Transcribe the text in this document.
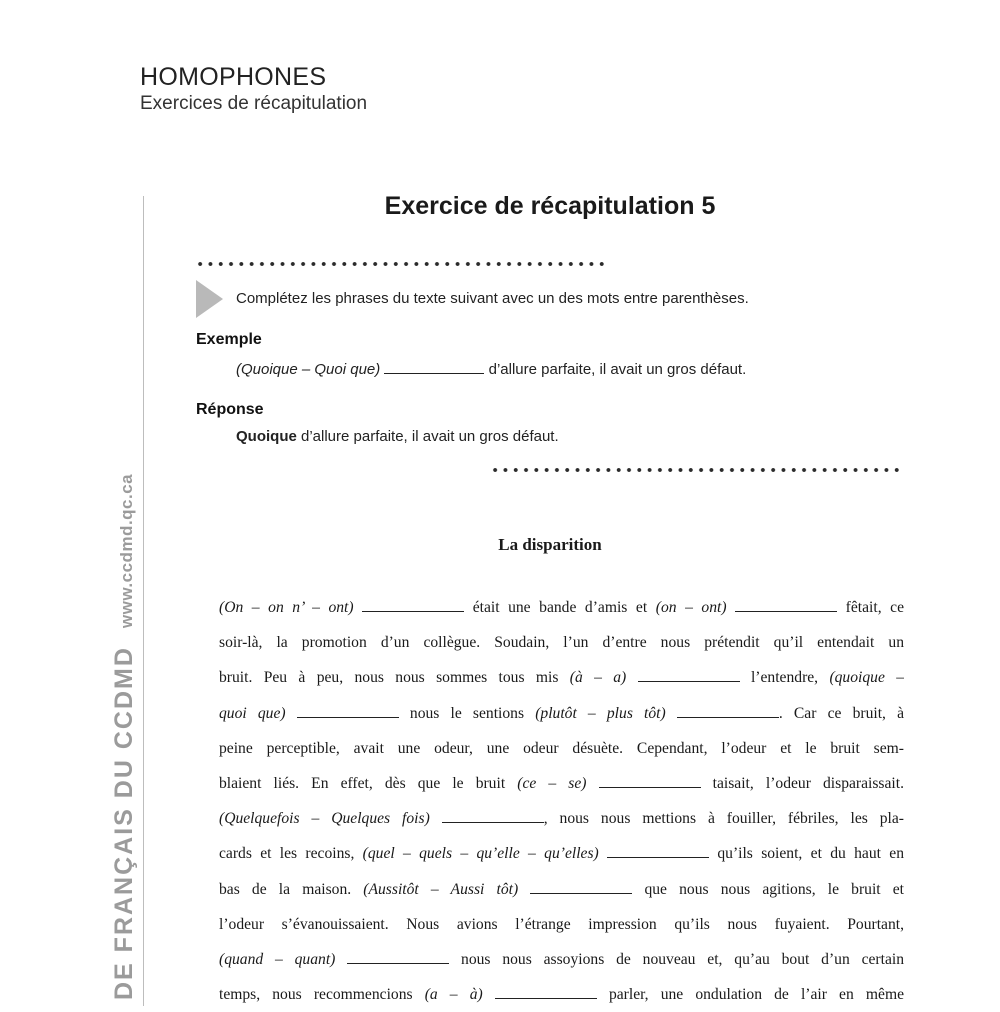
HOMOPHONES
Exercices de récapitulation
DE FRANÇAIS DU CCDMDwww.ccdmd.qc.ca
Exercice de récapitulation 5
Complétez les phrases du texte suivant avec un des mots entre parenthèses.
Exemple
(Quoique – Quoi que)	d’allure parfaite, il avait un gros défaut.
Réponse
Quoique d’allure parfaite, il avait un gros défaut.
La disparition
(On – on n’ – ont)	était une bande d’amis et (on – ont)	fêtait, ce
soir-là, la promotion d’un collègue. Soudain, l’un d’entre nous prétendit qu’il entendait un
bruit. Peu à peu, nous nous sommes tous mis (à – a)	l’entendre, (quoique –
quoi que)	nous le sentions (plutôt – plus tôt)	. Car ce bruit, à
peine perceptible, avait une odeur, une odeur désuète. Cependant, l’odeur et le bruit sem-
blaient liés. En effet, dès que le bruit (ce – se)	taisait, l’odeur disparaissait.
(Quelquefois – Quelques fois)	, nous nous mettions à fouiller, fébriles, les pla-
cards et les recoins, (quel – quels – qu’elle – qu’elles)	qu’ils soient, et du haut en
bas de la maison. (Aussitôt – Aussi tôt)	que nous nous agitions, le bruit et
l’odeur s’évanouissaient. Nous avions l’étrange impression qu’ils nous fuyaient. Pourtant,
(quand – quant)	nous nous assoyions de nouveau et, qu’au bout d’un certain
temps, nous recommencions (a – à)	parler, une ondulation de l’air en même
